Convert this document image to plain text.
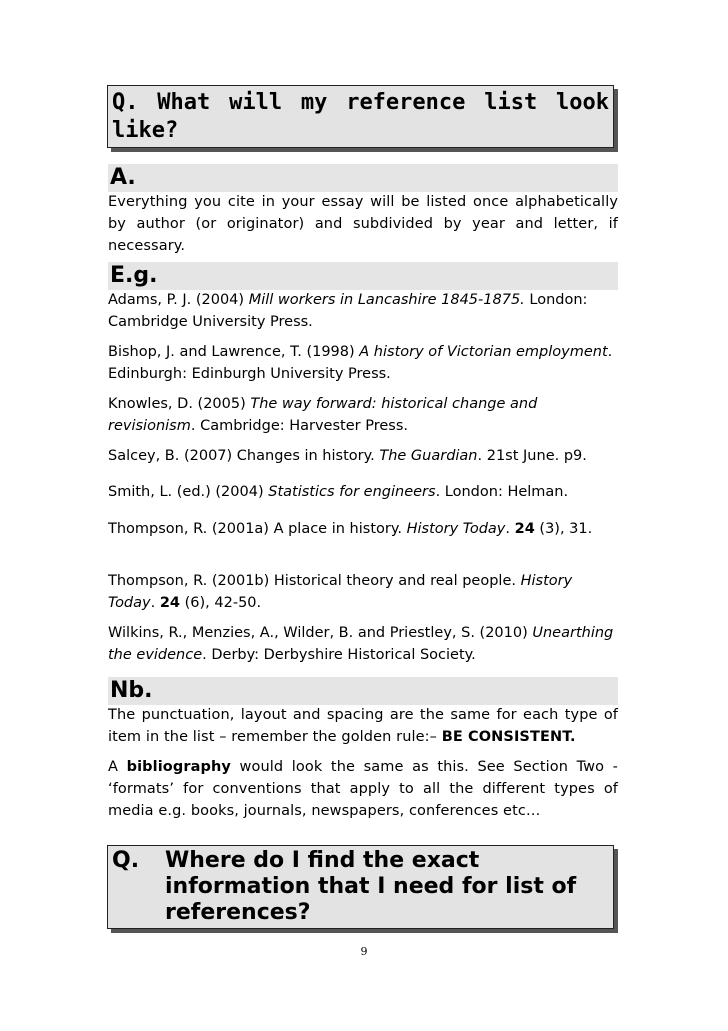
Q. What will my reference list look
like?
A.
Everything you cite in your essay will be listed once alphabetically by author (or originator) and subdivided by year and letter, if necessary.
E.g.
Adams, P. J. (2004) Mill workers in Lancashire 1845-1875. London: Cambridge University Press.
Bishop, J. and Lawrence, T. (1998) A history of Victorian employment. Edinburgh: Edinburgh University Press.
Knowles, D. (2005) The way forward: historical change and revisionism. Cambridge: Harvester Press.
Salcey, B. (2007) Changes in history. The Guardian. 21st June. p9.
Smith, L. (ed.) (2004) Statistics for engineers. London: Helman.
Thompson, R. (2001a) A place in history. History Today. 24 (3), 31.
Thompson, R. (2001b) Historical theory and real people. History Today. 24 (6), 42-50.
Wilkins, R., Menzies, A., Wilder, B. and Priestley, S. (2010) Unearthing the evidence. Derby: Derbyshire Historical Society.
Nb.
The punctuation, layout and spacing are the same for each type of item in the list – remember the golden rule:– BE CONSISTENT.
A bibliography would look the same as this. See Section Two - ‘formats’ for conventions that apply to all the different types of media e.g. books, journals, newspapers, conferences etc…
Q. Where do I find the exact information that I need for list of references?
9
